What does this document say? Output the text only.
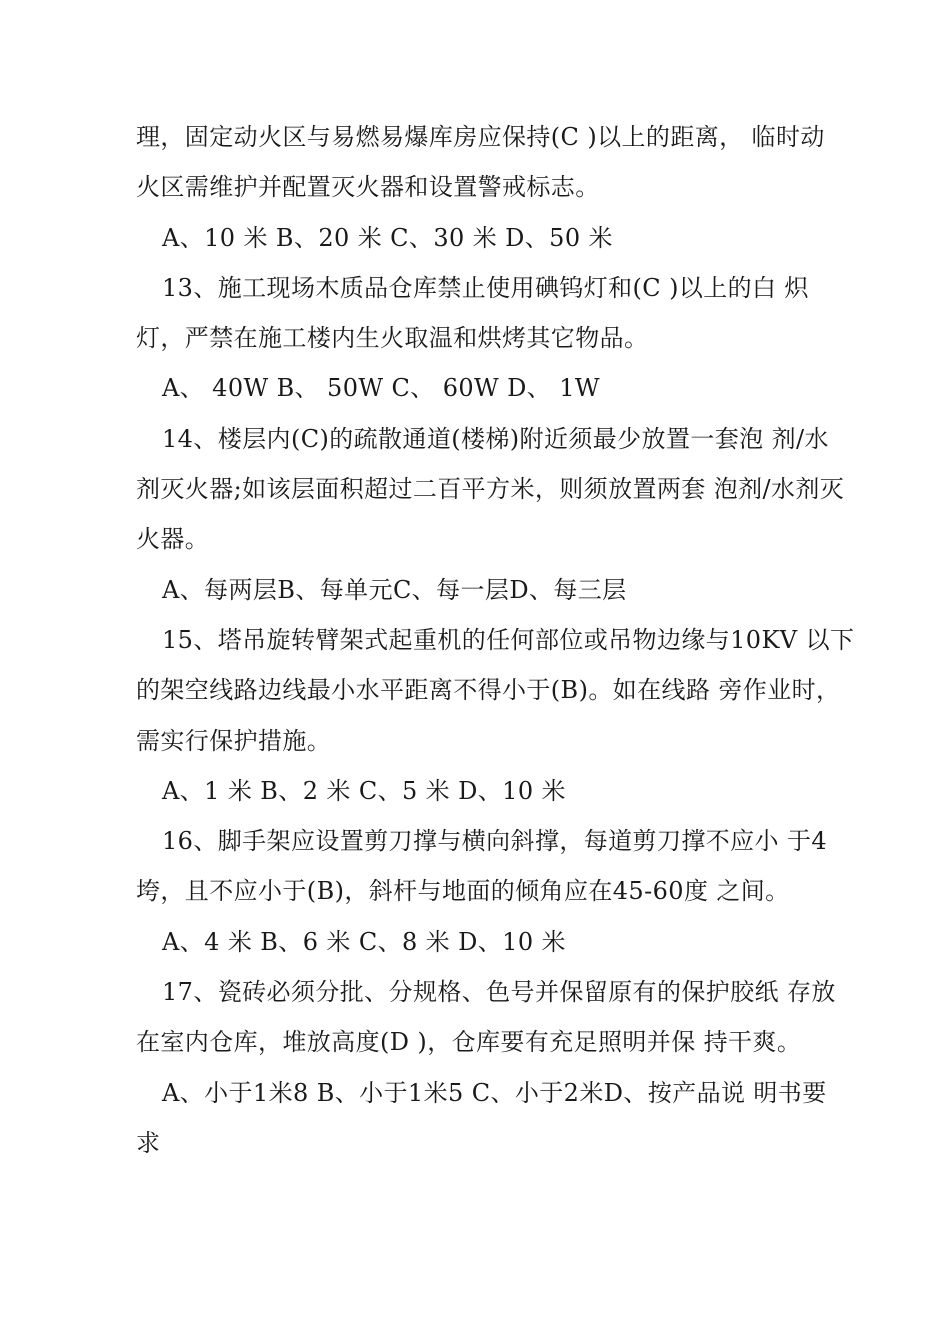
理，固定动火区与易燃易爆库房应保持(C )以上的距离， 临时动
火区需维护并配置灭火器和设置警戒标志。
A、10 米 B、20 米 C、30 米 D、50 米
13、施工现场木质品仓库禁止使用碘钨灯和(C )以上的白 炽
灯，严禁在施工楼内生火取温和烘烤其它物品。
A、 40W B、 50W C、 60W D、 1W
14、楼层内(C)的疏散通道(楼梯)附近须最少放置一套泡 剂/水
剂灭火器;如该层面积超过二百平方米，则须放置两套 泡剂/水剂灭
火器。
A、每两层B、每单元C、每一层D、每三层
15、塔吊旋转臂架式起重机的任何部位或吊物边缘与10KV 以下
的架空线路边线最小水平距离不得小于(B)。如在线路 旁作业时，
需实行保护措施。
A、1 米 B、2 米 C、5 米 D、10 米
16、脚手架应设置剪刀撑与横向斜撑，每道剪刀撑不应小 于4
垮，且不应小于(B)，斜杆与地面的倾角应在45-60度 之间。
A、4 米 B、6 米 C、8 米 D、10 米
17、瓷砖必须分批、分规格、色号并保留原有的保护胶纸 存放
在室内仓库，堆放高度(D )，仓库要有充足照明并保 持干爽。
A、小于1米8 B、小于1米5 C、小于2米D、按产品说 明书要
求
